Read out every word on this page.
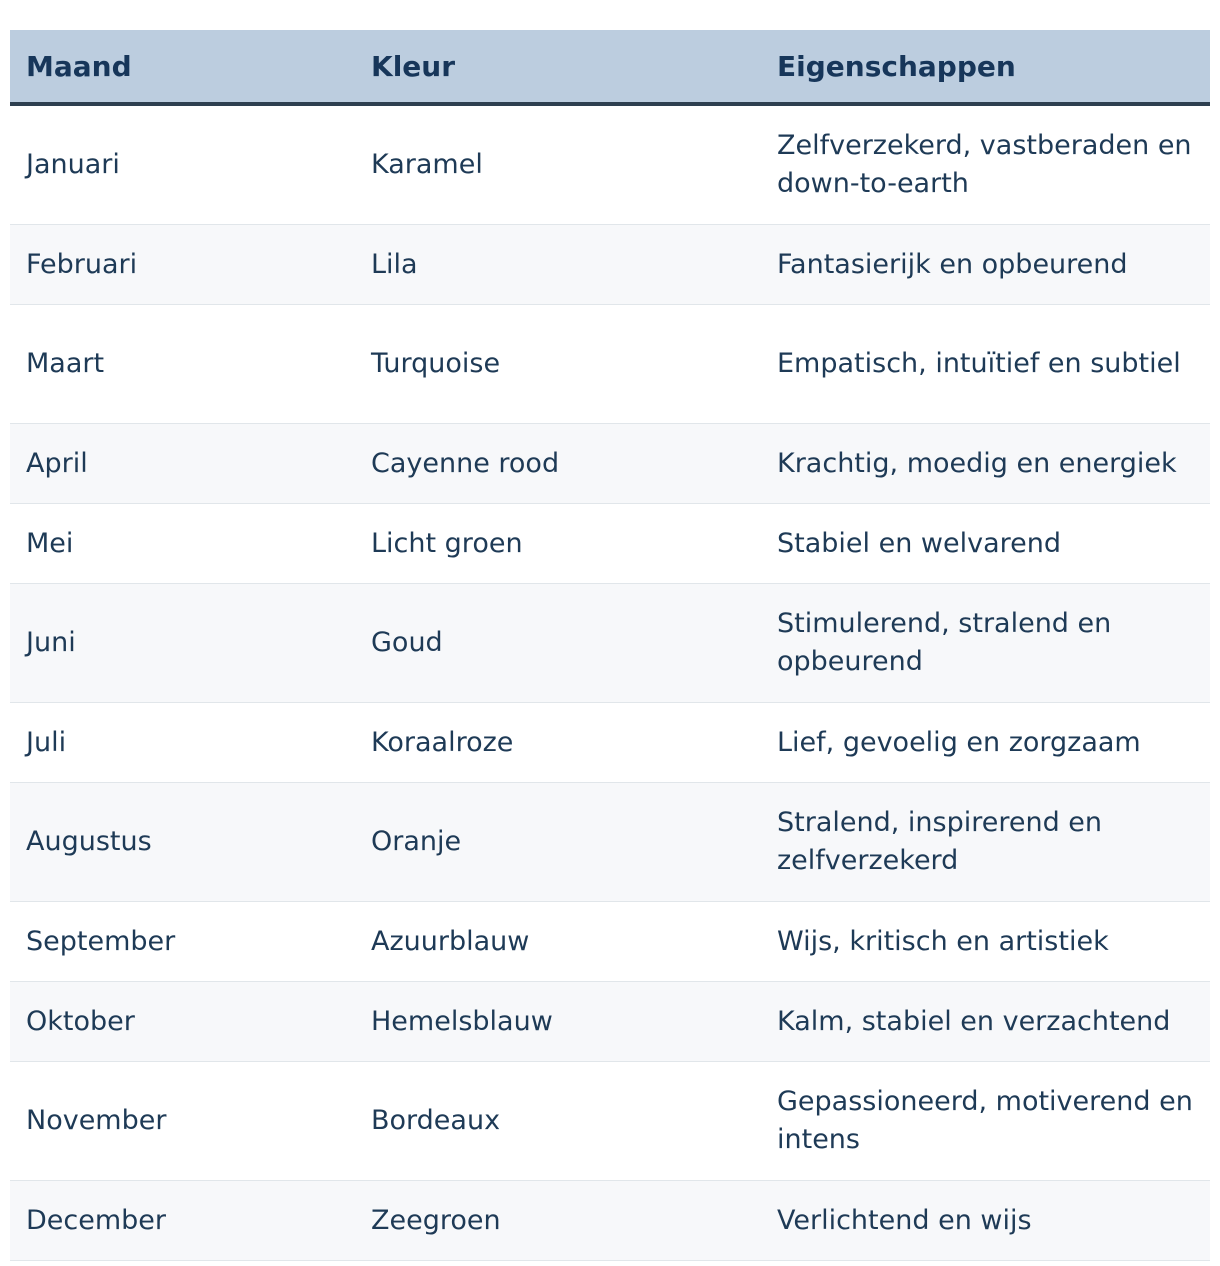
Maand	Kleur	Eigenschappen
Januari	Karamel	Zelfverzekerd, vastberaden en down-to-earth
Februari	Lila	Fantasierijk en opbeurend
Maart	Turquoise	Empatisch, intuïtief en subtiel
April	Cayenne rood	Krachtig, moedig en energiek
Mei	Licht groen	Stabiel en welvarend
Juni	Goud	Stimulerend, stralend en opbeurend
Juli	Koraalroze	Lief, gevoelig en zorgzaam
Augustus	Oranje	Stralend, inspirerend en zelfverzekerd
September	Azuurblauw	Wijs, kritisch en artistiek
Oktober	Hemelsblauw	Kalm, stabiel en verzachtend
November	Bordeaux	Gepassioneerd, motiverend en intens
December	Zeegroen	Verlichtend en wijs
